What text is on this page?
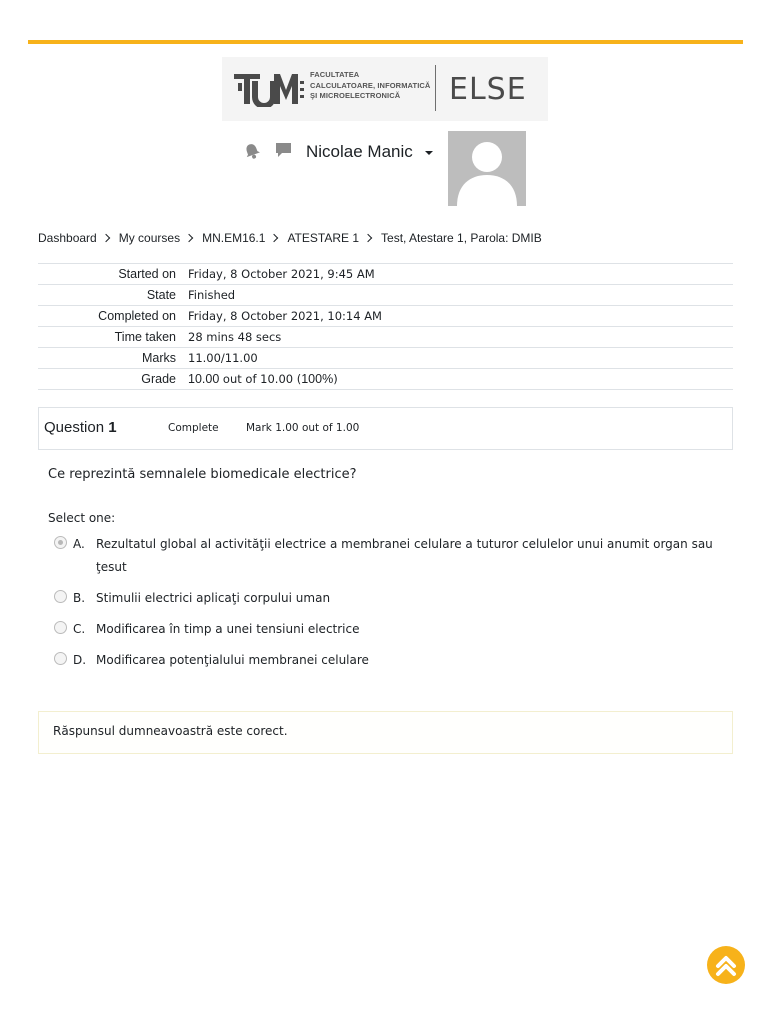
FACULTATEA
CALCULATOARE, INFORMATICĂ
ŞI MICROELECTRONICĂ	ELSE
Nicolae Manic
Dashboard My courses MN.EM16.1 ATESTARE 1 Test, Atestare 1, Parola: DMIB
Started on Friday, 8 October 2021, 9:45 AM
State Finished
Completed on Friday, 8 October 2021, 10:14 AM
Time taken 28 mins 48 secs
Marks 11.00/11.00
Grade 10.00 out of 10.00 (100%)
Question 1	Complete	Mark 1.00 out of 1.00
Ce reprezintă semnalele biomedicale electrice?
Select one:
A. Rezultatul global al activităţii electrice a membranei celulare a tuturor celulelor unui anumit organ sau ţesut
B. Stimulii electrici aplicaţi corpului uman
C. Modificarea în timp a unei tensiuni electrice
D. Modificarea potenţialului membranei celulare
Răspunsul dumneavoastră este corect.
